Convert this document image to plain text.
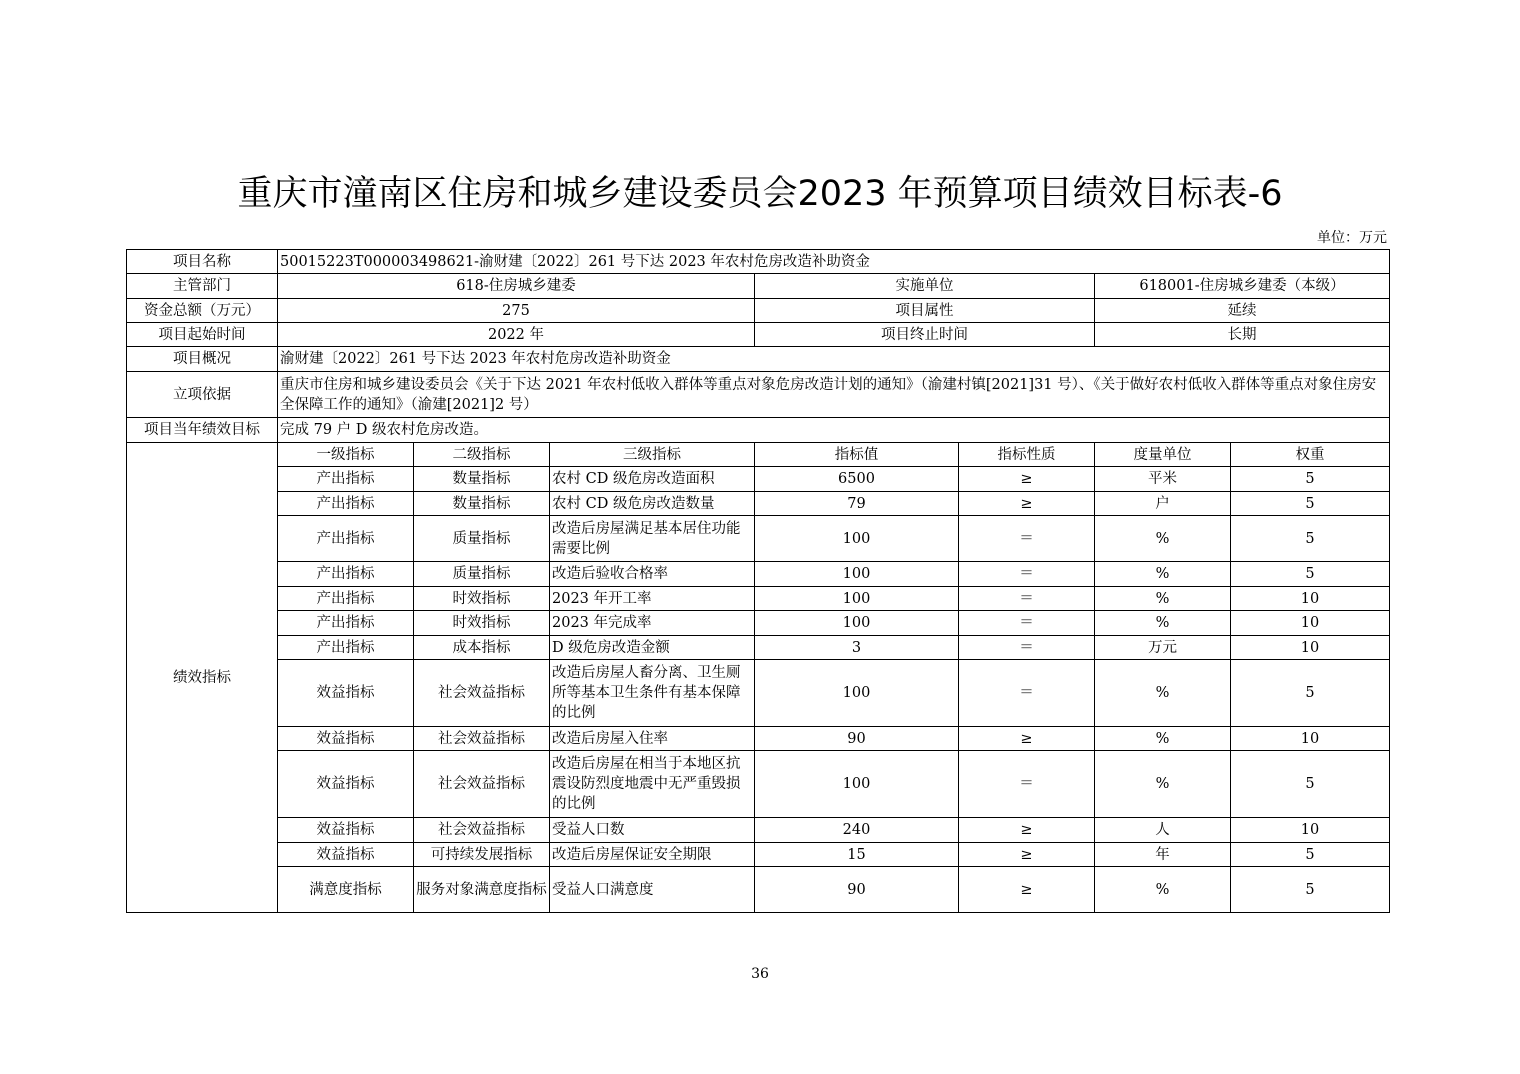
重庆市潼南区住房和城乡建设委员会2023 年预算项目绩效目标表-6
单位：万元
项目名称	50015223T000003498621-渝财建〔2022〕261 号下达 2023 年农村危房改造补助资金						
主管部门	618-住房城乡建委			实施单位		618001-住房城乡建委（本级）	
资金总额（万元）	275			项目属性		延续	
项目起始时间	2022 年			项目终止时间		长期	
项目概况	渝财建〔2022〕261 号下达 2023 年农村危房改造补助资金						
立项依据	重庆市住房和城乡建设委员会《关于下达 2021 年农村低收入群体等重点对象危房改造计划的通知》（渝建村镇[2021]31 号）、《关于做好农村低收入群体等重点对象住房安全保障工作的通知》（渝建[2021]2 号）						
项目当年绩效目标	完成 79 户 D 级农村危房改造。						
绩效指标	一级指标	二级指标	三级指标	指标值	指标性质	度量单位	权重
	产出指标	数量指标	农村 CD 级危房改造面积	6500	≥	平米	5
	产出指标	数量指标	农村 CD 级危房改造数量	79	≥	户	5
	产出指标	质量指标	改造后房屋满足基本居住功能需要比例	100	＝	%	5
	产出指标	质量指标	改造后验收合格率	100	＝	%	5
	产出指标	时效指标	2023 年开工率	100	＝	%	10
	产出指标	时效指标	2023 年完成率	100	＝	%	10
	产出指标	成本指标	D 级危房改造金额	3	＝	万元	10
	效益指标	社会效益指标	改造后房屋人畜分离、卫生厕所等基本卫生条件有基本保障的比例	100	＝	%	5
	效益指标	社会效益指标	改造后房屋入住率	90	≥	%	10
	效益指标	社会效益指标	改造后房屋在相当于本地区抗震设防烈度地震中无严重毁损的比例	100	＝	%	5
	效益指标	社会效益指标	受益人口数	240	≥	人	10
	效益指标	可持续发展指标	改造后房屋保证安全期限	15	≥	年	5
	满意度指标	服务对象满意度指标	受益人口满意度	90	≥	%	5
36
